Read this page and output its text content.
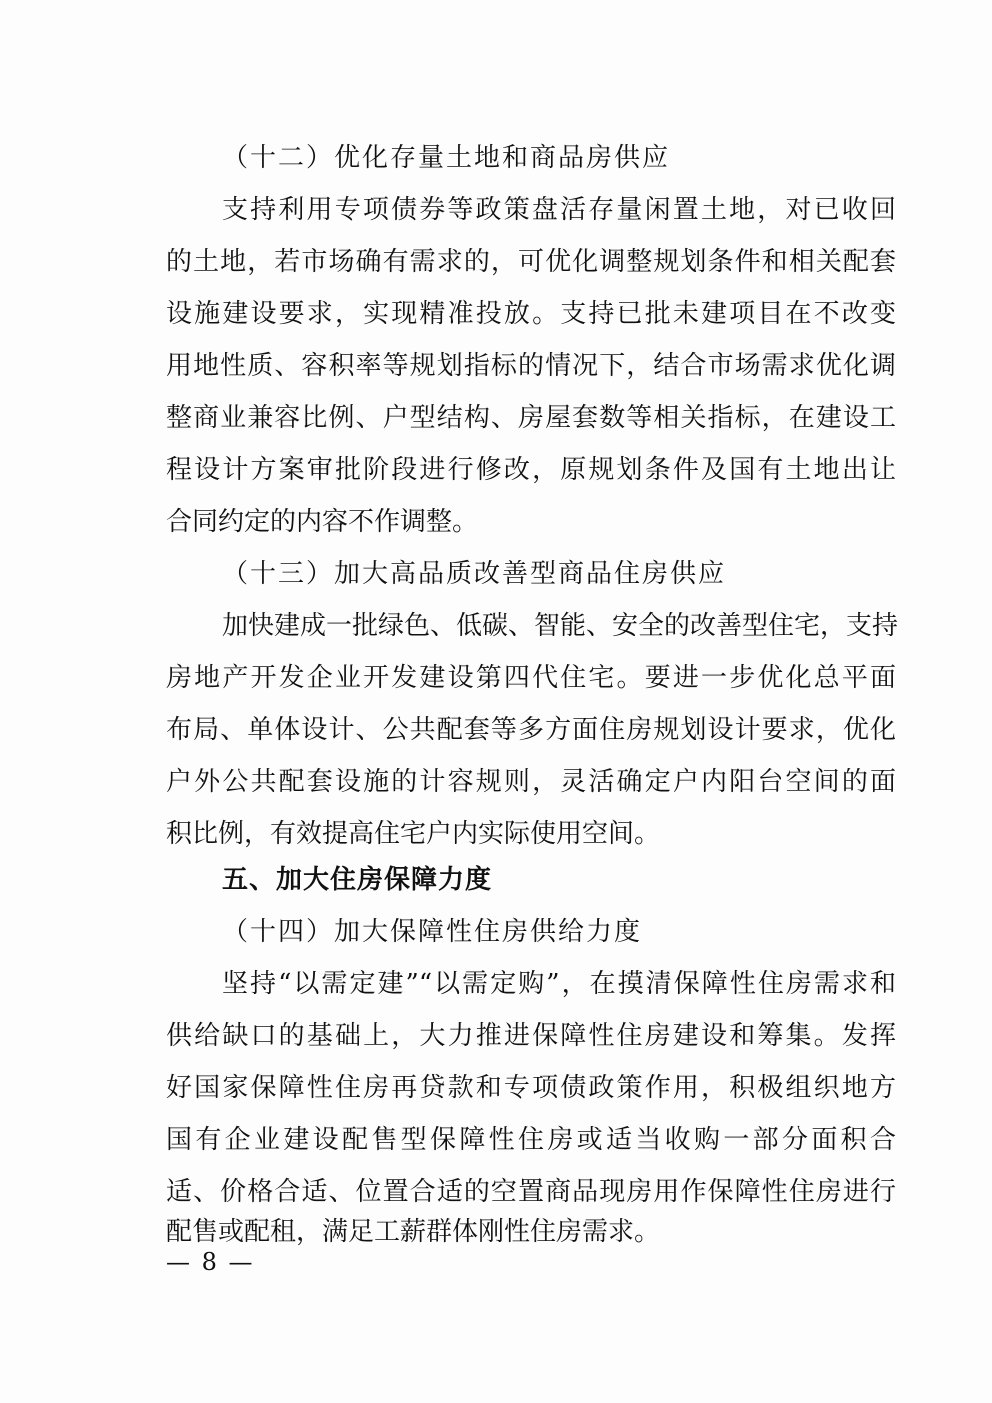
（十二）优化存量土地和商品房供应
支持利用专项债券等政策盘活存量闲置土地，对已收回
的土地，若市场确有需求的，可优化调整规划条件和相关配套
设施建设要求，实现精准投放。支持已批未建项目在不改变
用地性质、容积率等规划指标的情况下，结合市场需求优化调
整商业兼容比例、户型结构、房屋套数等相关指标，在建设工
程设计方案审批阶段进行修改，原规划条件及国有土地出让
合同约定的内容不作调整。
（十三）加大高品质改善型商品住房供应
加快建成一批绿色、低碳、智能、安全的改善型住宅，支持
房地产开发企业开发建设第四代住宅。要进一步优化总平面
布局、单体设计、公共配套等多方面住房规划设计要求，优化
户外公共配套设施的计容规则，灵活确定户内阳台空间的面
积比例，有效提高住宅户内实际使用空间。
五、加大住房保障力度
（十四）加大保障性住房供给力度
坚持“以需定建”“以需定购”，在摸清保障性住房需求和
供给缺口的基础上，大力推进保障性住房建设和筹集。发挥
好国家保障性住房再贷款和专项债政策作用，积极组织地方
国有企业建设配售型保障性住房或适当收购一部分面积合
适、价格合适、位置合适的空置商品现房用作保障性住房进行
配售或配租，满足工薪群体刚性住房需求。
— 8 —
